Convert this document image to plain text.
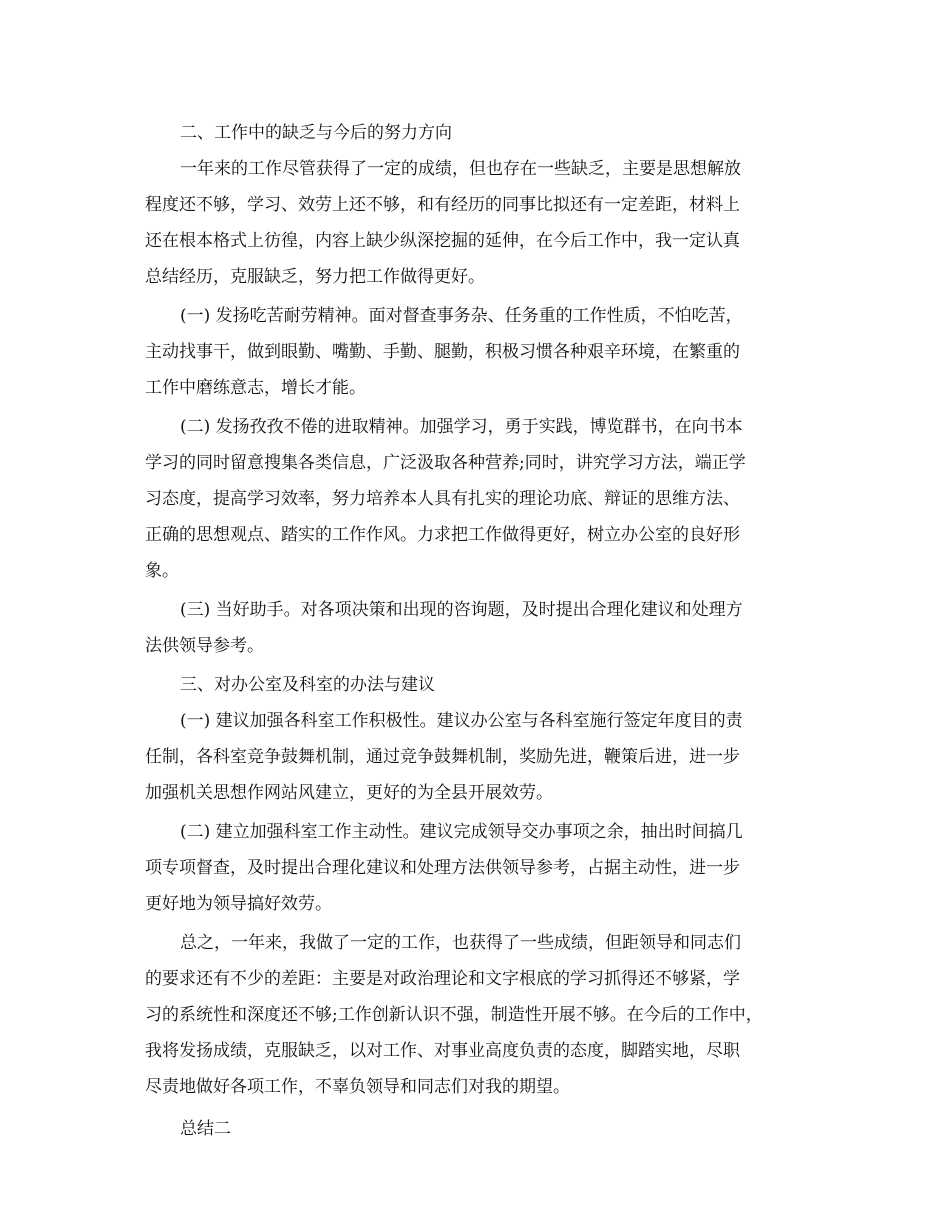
二、工作中的缺乏与今后的努力方向
一年来的工作尽管获得了一定的成绩，但也存在一些缺乏，主要是思想解放
程度还不够，学习、效劳上还不够，和有经历的同事比拟还有一定差距，材料上
还在根本格式上彷徨，内容上缺少纵深挖掘的延伸，在今后工作中，我一定认真
总结经历，克服缺乏，努力把工作做得更好。
(一) 发扬吃苦耐劳精神。面对督查事务杂、任务重的工作性质，不怕吃苦，
主动找事干，做到眼勤、嘴勤、手勤、腿勤，积极习惯各种艰辛环境，在繁重的
工作中磨练意志，增长才能。
(二) 发扬孜孜不倦的进取精神。加强学习，勇于实践，博览群书，在向书本
学习的同时留意搜集各类信息，广泛汲取各种营养;同时，讲究学习方法，端正学
习态度，提高学习效率，努力培养本人具有扎实的理论功底、辩证的思维方法、
正确的思想观点、踏实的工作作风。力求把工作做得更好，树立办公室的良好形
象。
(三) 当好助手。对各项决策和出现的咨询题，及时提出合理化建议和处理方
法供领导参考。
三、对办公室及科室的办法与建议
(一) 建议加强各科室工作积极性。建议办公室与各科室施行签定年度目的责
任制，各科室竞争鼓舞机制，通过竞争鼓舞机制，奖励先进，鞭策后进，进一步
加强机关思想作网站风建立，更好的为全县开展效劳。
(二) 建立加强科室工作主动性。建议完成领导交办事项之余，抽出时间搞几
项专项督查，及时提出合理化建议和处理方法供领导参考，占据主动性，进一步
更好地为领导搞好效劳。
总之，一年来，我做了一定的工作，也获得了一些成绩，但距领导和同志们
的要求还有不少的差距：主要是对政治理论和文字根底的学习抓得还不够紧，学
习的系统性和深度还不够;工作创新认识不强，制造性开展不够。在今后的工作中，
我将发扬成绩，克服缺乏，以对工作、对事业高度负责的态度，脚踏实地，尽职
尽责地做好各项工作，不辜负领导和同志们对我的期望。
总结二
